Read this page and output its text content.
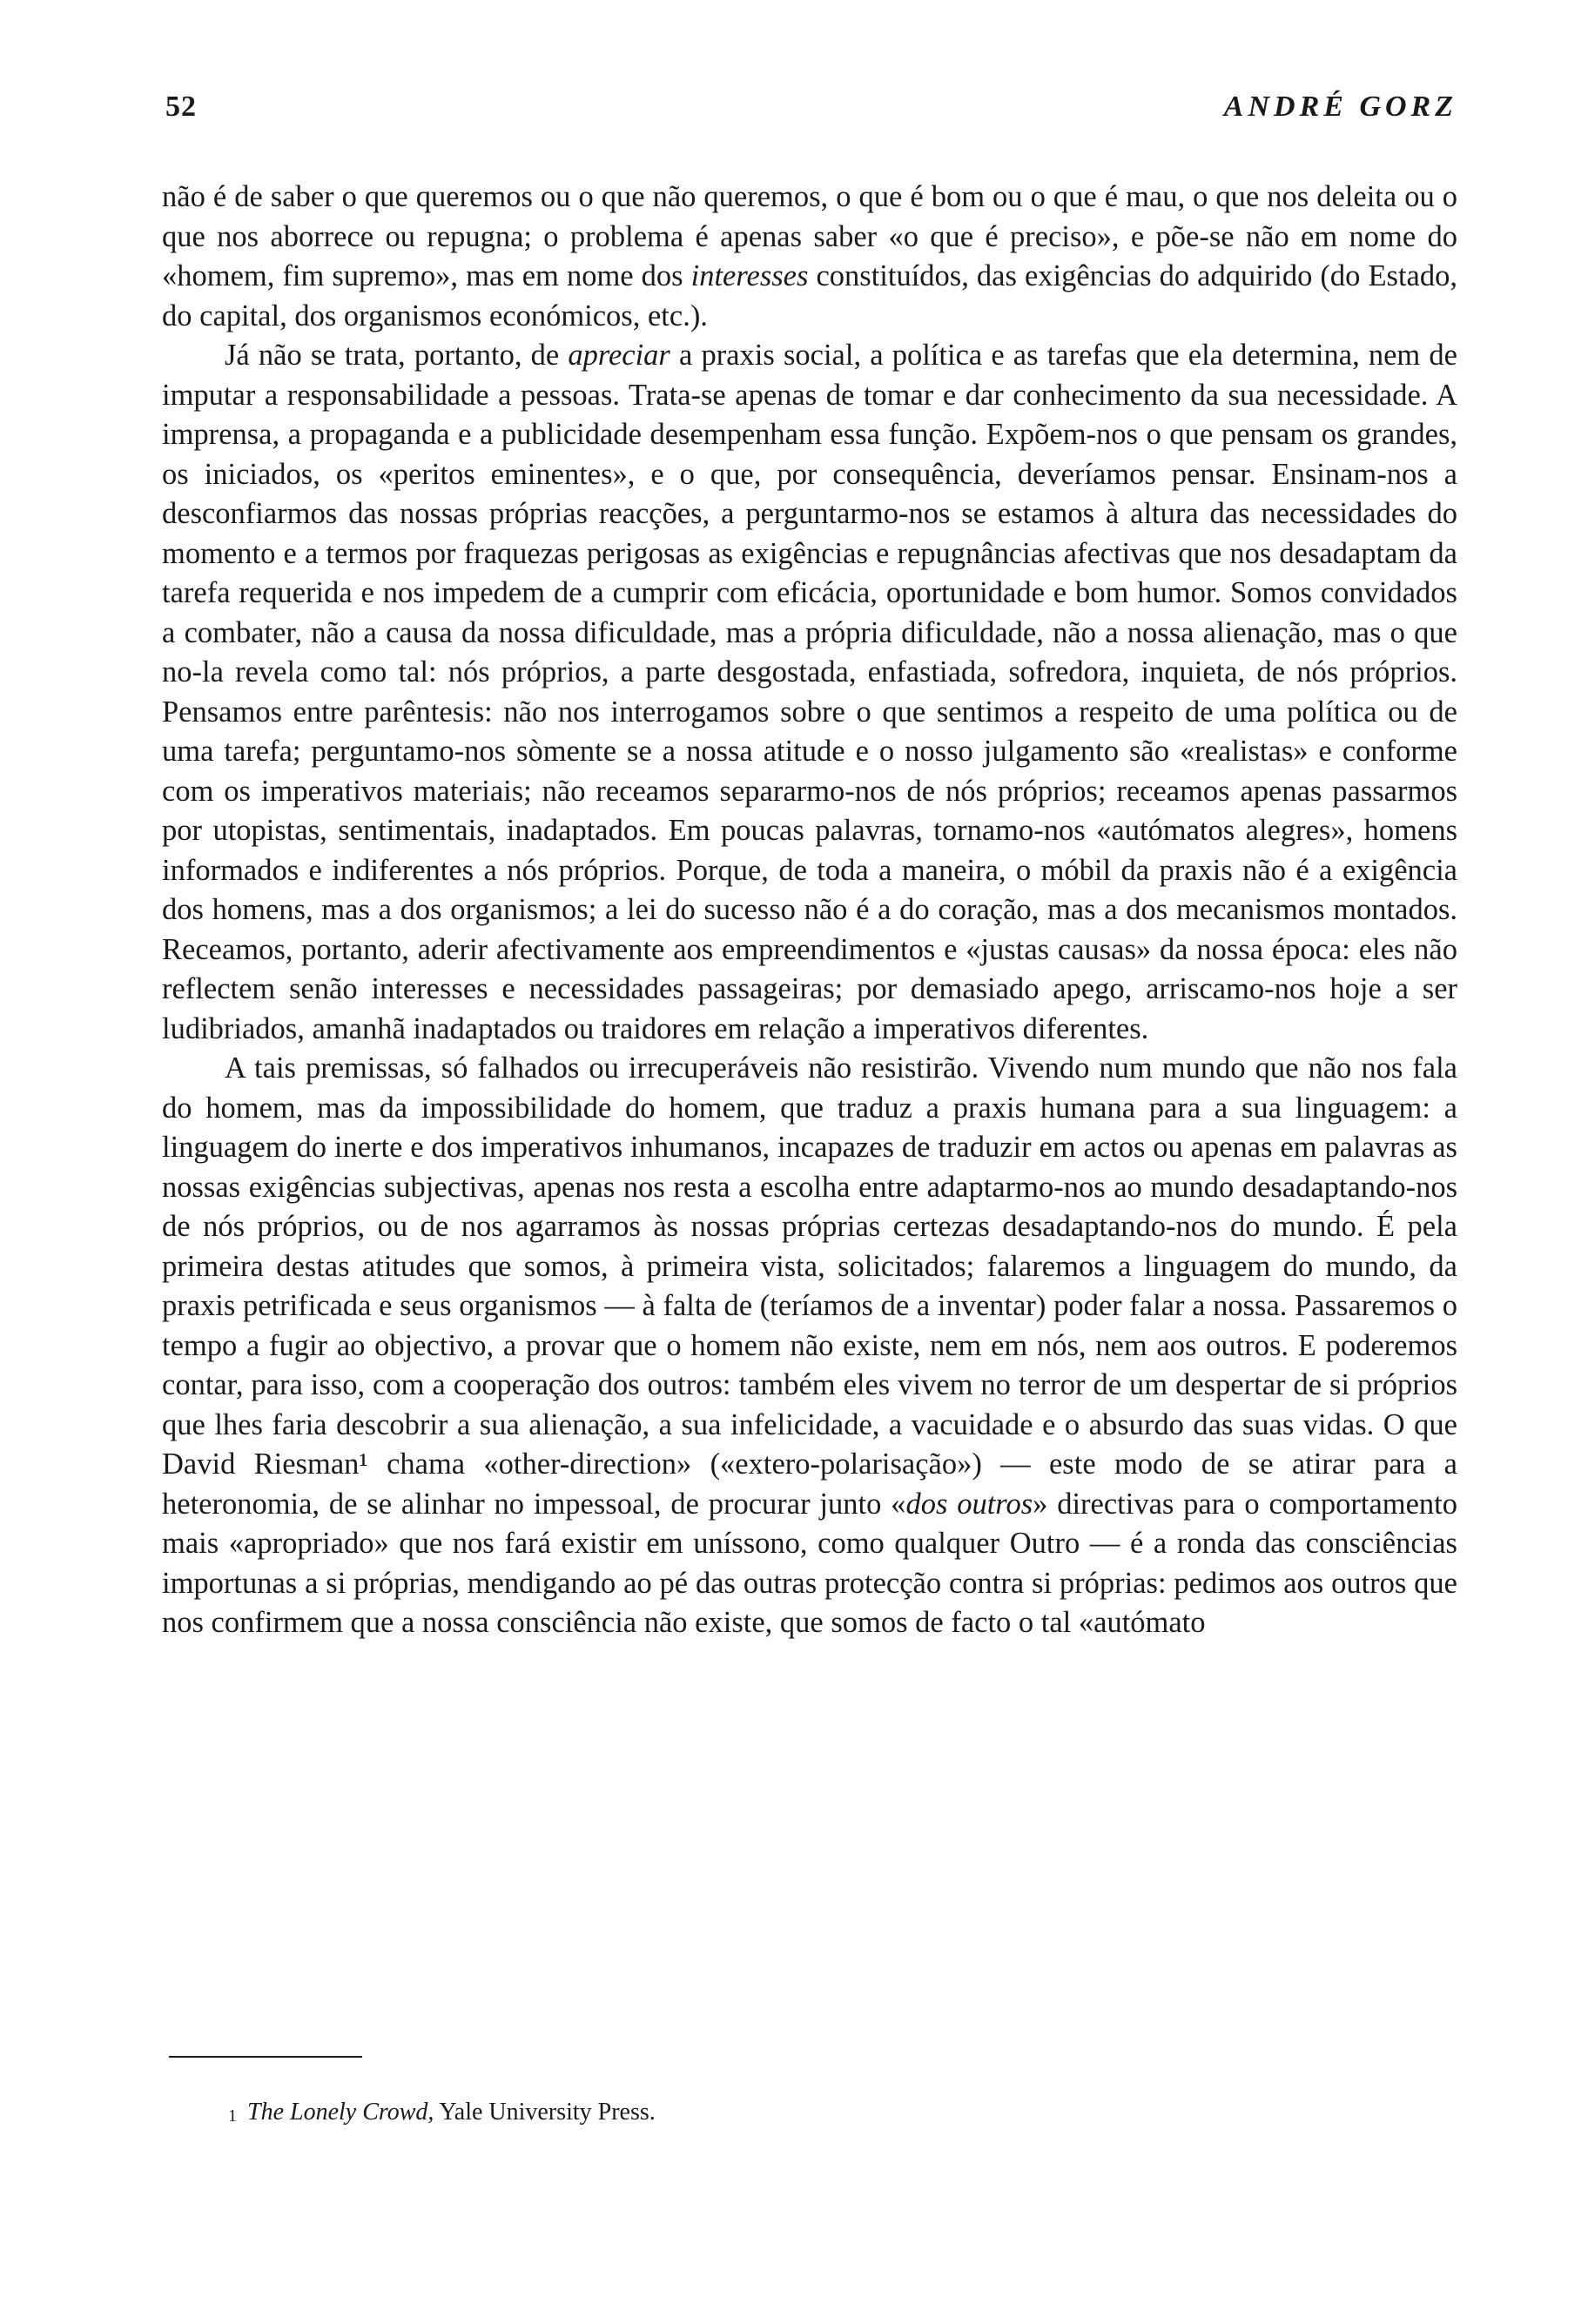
52	ANDRÉ GORZ

não é de saber o que queremos ou o que não queremos, o que é bom ou o que é mau, o que nos deleita ou o que nos aborrece ou repugna; o problema é apenas saber «o que é preciso», e põe-se não em nome do «homem, fim supremo», mas em nome dos interesses constituídos, das exigências do adquirido (do Estado, do capital, dos organismos económicos, etc.).

Já não se trata, portanto, de apreciar a praxis social, a política e as tarefas que ela determina, nem de imputar a responsabilidade a pessoas. Trata-se apenas de tomar e dar conhecimento da sua necessidade. A imprensa, a propaganda e a publicidade desempenham essa função. Expõem-nos o que pensam os grandes, os iniciados, os «peritos eminentes», e o que, por consequência, deveríamos pensar. Ensinam-nos a desconfiarmos das nossas próprias reacções, a perguntarmo-nos se estamos à altura das necessidades do momento e a termos por fraquezas perigosas as exigências e repugnâncias afectivas que nos desadaptam da tarefa requerida e nos impedem de a cumprir com eficácia, oportunidade e bom humor. Somos convidados a combater, não a causa da nossa dificuldade, mas a própria dificuldade, não a nossa alienação, mas o que no-la revela como tal: nós próprios, a parte desgostada, enfastiada, sofredora, inquieta, de nós próprios. Pensamos entre parêntesis: não nos interrogamos sobre o que sentimos a respeito de uma política ou de uma tarefa; perguntamo-nos sòmente se a nossa atitude e o nosso julgamento são «realistas» e conforme com os imperativos materiais; não receamos separarmo-nos de nós próprios; receamos apenas passarmos por utopistas, sentimentais, inadaptados. Em poucas palavras, tornamo-nos «autómatos alegres», homens informados e indiferentes a nós próprios. Porque, de toda a maneira, o móbil da praxis não é a exigência dos homens, mas a dos organismos; a lei do sucesso não é a do coração, mas a dos mecanismos montados. Receamos, portanto, aderir afectivamente aos empreendimentos e «justas causas» da nossa época: eles não reflectem senão interesses e necessidades passageiras; por demasiado apego, arriscamo-nos hoje a ser ludibriados, amanhã inadaptados ou traidores em relação a imperativos diferentes.

A tais premissas, só falhados ou irrecuperáveis não resistirão. Vivendo num mundo que não nos fala do homem, mas da impossibilidade do homem, que traduz a praxis humana para a sua linguagem: a linguagem do inerte e dos imperativos inhumanos, incapazes de traduzir em actos ou apenas em palavras as nossas exigências subjectivas, apenas nos resta a escolha entre adaptarmo-nos ao mundo desadaptando-nos de nós próprios, ou de nos agarramos às nossas próprias certezas desadaptando-nos do mundo. É pela primeira destas atitudes que somos, à primeira vista, solicitados; falaremos a linguagem do mundo, da praxis petrificada e seus organismos — à falta de (teríamos de a inventar) poder falar a nossa. Passaremos o tempo a fugir ao objectivo, a provar que o homem não existe, nem em nós, nem aos outros. E poderemos contar, para isso, com a cooperação dos outros: também eles vivem no terror de um despertar de si próprios que lhes faria descobrir a sua alienação, a sua infelicidade, a vacuidade e o absurdo das suas vidas. O que David Riesman¹ chama «other-direction» («extero-polarisação») — este modo de se atirar para a heteronomia, de se alinhar no impessoal, de procurar junto «dos outros» directivas para o comportamento mais «apropriado» que nos fará existir em uníssono, como qualquer Outro — é a ronda das consciências importunas a si próprias, mendigando ao pé das outras protecção contra si próprias: pedimos aos outros que nos confirmem que a nossa consciência não existe, que somos de facto o tal «autómato

$^1$ The Lonely Crowd, Yale University Press.
